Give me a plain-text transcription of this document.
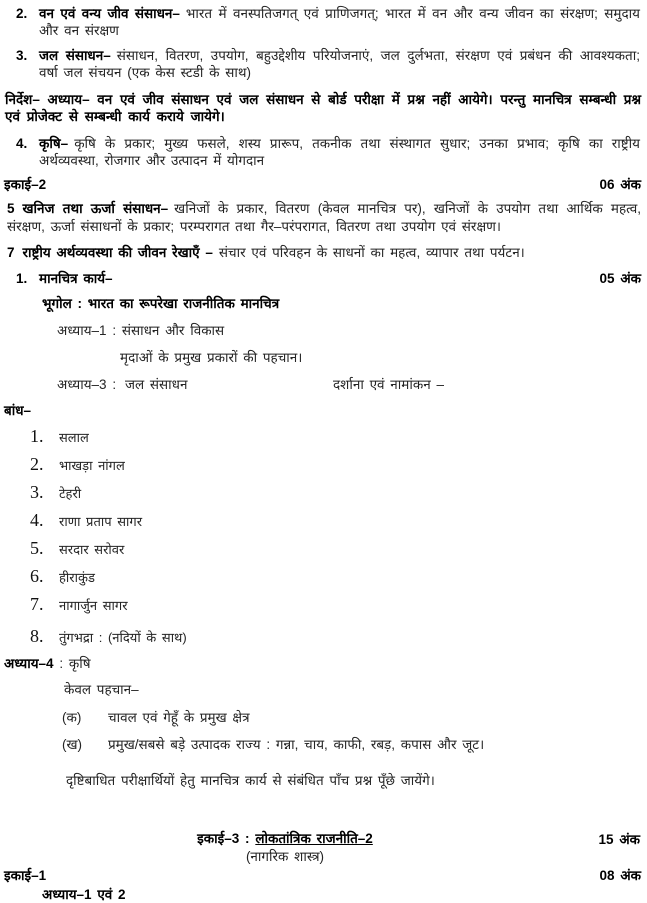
2. वन एवं वन्य जीव संसाधन– भारत में वनस्पतिजगत् एवं प्राणिजगत्; भारत में वन और वन्य जीवन का संरक्षण; समुदाय और वन संरक्षण

3. जल संसाधन– संसाधन, वितरण, उपयोग, बहुउद्देशीय परियोजनाएं, जल दुर्लभता, संरक्षण एवं प्रबंधन की आवश्यकता; वर्षा जल संचयन (एक केस स्टडी के साथ)

निर्देश– अध्याय– वन एवं जीव संसाधन एवं जल संसाधन से बोर्ड परीक्षा में प्रश्न नहीं आयेगे। परन्तु मानचित्र सम्बन्धी प्रश्न एवं प्रोजेक्ट से सम्बन्धी कार्य कराये जायेगे।

4. कृषि– कृषि के प्रकार; मुख्य फसले, शस्य प्रारूप, तकनीक तथा संस्थागत सुधार; उनका प्रभाव; कृषि का राष्ट्रीय अर्थव्यवस्था, रोजगार और उत्पादन में योगदान

इकाई–2	06 अंक

5 खनिज तथा ऊर्जा संसाधन– खनिजों के प्रकार, वितरण (केवल मानचित्र पर), खनिजों के उपयोग तथा आर्थिक महत्व, संरक्षण, ऊर्जा संसाधनों के प्रकार; परम्परागत तथा गैर–परंपरागत, वितरण तथा उपयोग एवं संरक्षण।

7 राष्ट्रीय अर्थव्यवस्था की जीवन रेखाएँ – संचार एवं परिवहन के साधनों का महत्व, व्यापार तथा पर्यटन।

1. मानचित्र कार्य–	05 अंक
भूगोल : भारत का रूपरेखा राजनीतिक मानचित्र
अध्याय–1 : संसाधन और विकास
मृदाओं के प्रमुख प्रकारों की पहचान।
अध्याय–3 : जल संसाधन	दर्शाना एवं नामांकन –
बांध–
1.	सलाल
2.	भाखड़ा नांगल
3.	टेहरी
4.	राणा प्रताप सागर
5.	सरदार सरोवर
6.	हीराकुंड
7.	नागार्जुन सागर
8.	तुंगभद्रा : (नदियों के साथ)
अध्याय–4 : कृषि
केवल पहचान–
(क)	चावल एवं गेहूँ के प्रमुख क्षेत्र
(ख)	प्रमुख/सबसे बड़े उत्पादक राज्य : गन्ना, चाय, काफी, रबड़, कपास और जूट।
दृष्टिबाधित परीक्षार्थियों हेतु मानचित्र कार्य से संबंधित पाँच प्रश्न पूँछे जायेंगे।
इकाई–3 : लोकतांत्रिक राजनीति–2	15 अंक
(नागरिक शास्त्र)
इकाई–1	08 अंक
अध्याय–1 एवं 2
